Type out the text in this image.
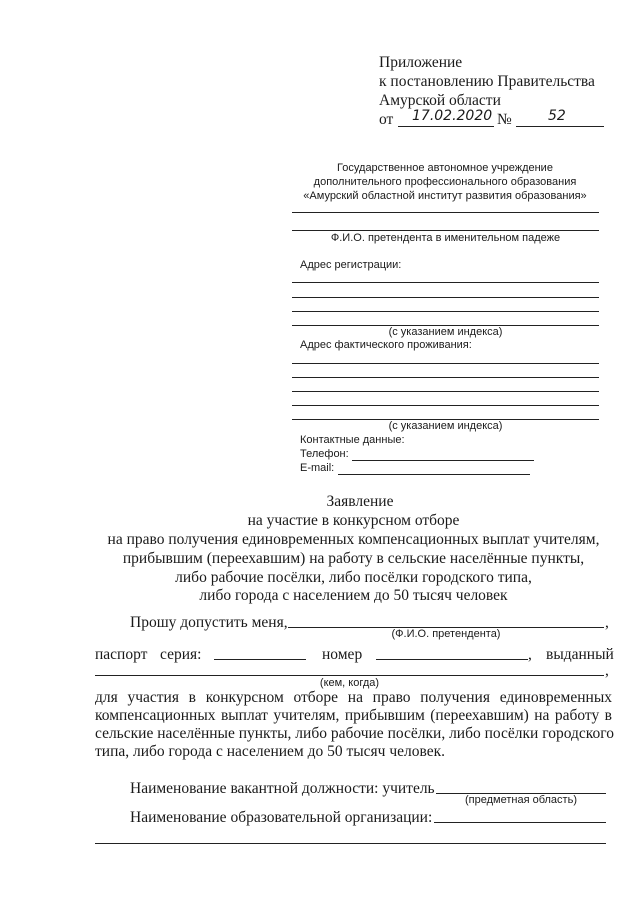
Приложение
к постановлению Правительства
Амурской области
от 17.02.2020 №	52
Государственное автономное учреждение
дополнительного профессионального образования
«Амурский областной институт развития образования»
Ф.И.О. претендента в именительном падеже
Адрес регистрации:
(с указанием индекса)
Адрес фактического проживания:
(с указанием индекса)
Контактные данные:
Телефон:
E-mail:
Заявление
на участие в конкурсном отборе
на право получения единовременных компенсационных выплат учителям,
прибывшим (переехавшим) на работу в сельские населённые пункты,
либо рабочие посёлки, либо посёлки городского типа,
либо города с населением до 50 тысяч человек
Прошу допустить меня,	,
(Ф.И.О. претендента)
паспорт серия:	номер	, выданный
,
(кем, когда)
для участия в конкурсном отборе на право получения единовременных
компенсационных выплат учителям, прибывшим (переехавшим) на работу в
сельские населённые пункты, либо рабочие посёлки, либо посёлки городского
типа, либо города с населением до 50 тысяч человек.
Наименование вакантной должности: учитель
(предметная область)
Наименование образовательной организации:
